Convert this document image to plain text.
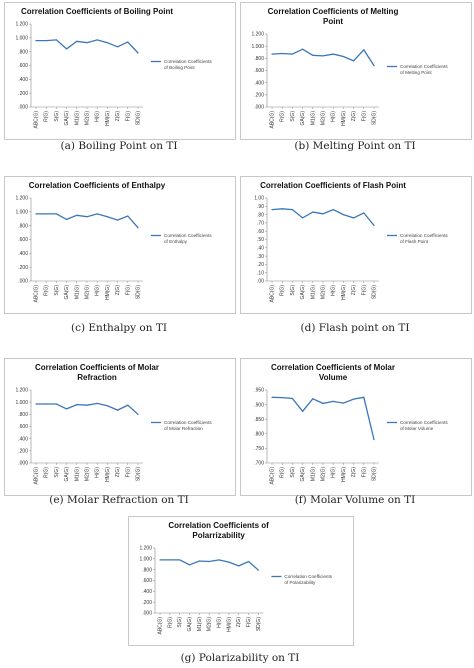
Correlation Coefficients of Boiling Point
1.200
1.000
.800
.600
.400
.200
.000
ABC(G) R(G) S(G) GA(G) M1(G) M2(G) H(G) HM(G) Z(G) F(G) SD(G)
Correlation Coefficients
of Boiling Point
(a) Boiling Point on TI
Correlation Coefficients of Melting
Point
1.200
1.000
.800
.600
.400
.200
.000
ABC(G) R(G) S(G) GA(G) M1(G) M2(G) H(G) HM(G) Z(G) F(G) SD(G)
Correlation Coefficients
of Melting Point
(b) Melting Point on TI
Correlation Coefficients of Enthalpy
1.200
1.000
.800
.600
.400
.200
.000
ABC(G) R(G) S(G) GA(G) M1(G) M2(G) H(G) HM(G) Z(G) F(G) SD(G)
Correlation Coefficients
of Enthalpy
(c) Enthalpy on TI
Correlation Coefficients of Flash Point
1.00
.90
.80
.70
.60
.50
.40
.30
.20
.10
.00
ABC(G) R(G) S(G) GA(G) M1(G) M2(G) H(G) HM(G) Z(G) F(G) SD(G)
Correlation Coefficients
of Flash Point
(d) Flash point on TI
Correlation Coefficients of Molar
Refraction
1.200
1.000
.800
.600
.400
.200
.000
ABC(G) R(G) S(G) GA(G) M1(G) M2(G) H(G) HM(G) Z(G) F(G) SD(G)
Correlation Coefficients
of Molar Refraction
(e) Molar Refraction on TI
Correlation Coefficients of Molar
Volume
.950
.900
.850
.800
.750
.700
ABC(G) R(G) S(G) GA(G) M1(G) M2(G) H(G) HM(G) Z(G) F(G) SD(G)
Correlation Coefficients
of Molar Volume
(f) Molar Volume on TI
Correlation Coefficients of
Polarrizability
1.200
1.000
.800
.600
.400
.200
.000
ABC(G) R(G) S(G) GA(G) M1(G) M2(G) H(G) HM(G) Z(G) F(G) SD(G)
Correlation Coefficients
of Polarizability
(g) Polarizability on TI
